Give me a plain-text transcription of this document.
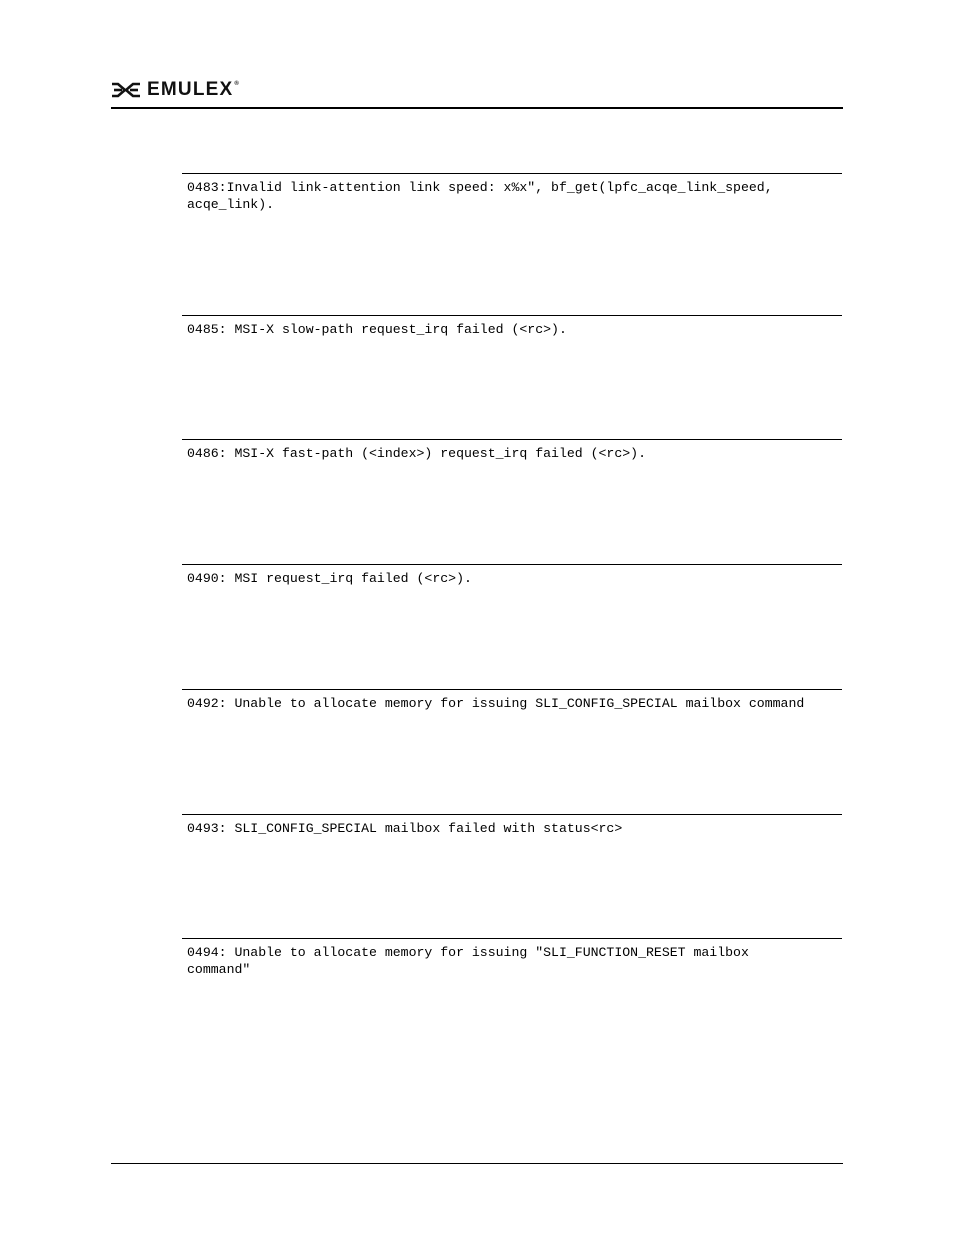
EMULEX®
0483:Invalid link-attention link speed: x%x", bf_get(lpfc_acqe_link_speed,
acqe_link).
0485: MSI-X slow-path request_irq failed (<rc>).
0486: MSI-X fast-path (<index>) request_irq failed (<rc>).
0490: MSI request_irq failed (<rc>).
0492: Unable to allocate memory for issuing SLI_CONFIG_SPECIAL mailbox command
0493: SLI_CONFIG_SPECIAL mailbox failed with status<rc>
0494: Unable to allocate memory for issuing "SLI_FUNCTION_RESET mailbox
command"
